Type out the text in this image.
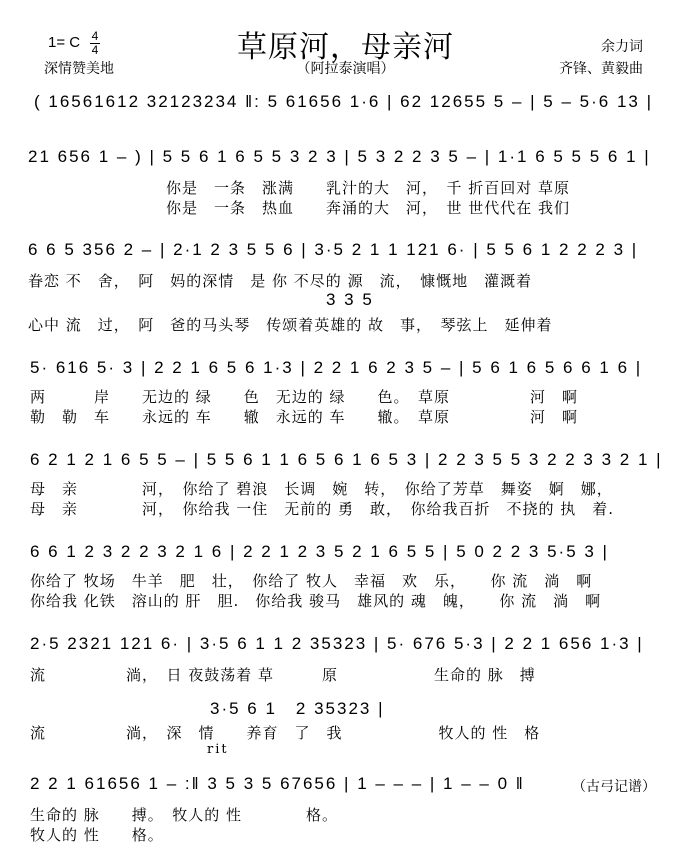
1= C 4
4	草原河，母亲河	余力词
深情赞美地	（阿拉泰演唱）	齐锋、黄毅曲
( 16561612 32123234 ‖: 5 61656 1·6 | 62 12655 5 – | 5 – 5·6 13 |
21 656 1 – ) | 5 5 6 1 6 5 5 3 2 3 | 5 3 2 2 3 5 – | 1·1 6 5 5 5 6 1 |
你是　一条　涨满　　乳汁的大　河，　千 折百回对 草原
你是　一条　热血　　奔涌的大　河，　世 世代代在 我们
6 6 5 356 2 – | 2·1 2 3 5 5 6 | 3·5 2 1 1 121 6· | 5 5 6 1 2 2 2 3 |
眷恋 不　舍，　阿　妈的深情　是 你 不尽的 源　流，　慷慨地　灌溉着
3 3 5
心中 流　过，　阿　爸的马头琴　传颂着英雄的 故　事，　琴弦上　延伸着
5· 616 5· 3 | 2 2 1 6 5 6 1·3 | 2 2 1 6 2 3 5 – | 5 6 1 6 5 6 6 1 6 |
两　　　岸　　无边的 绿　　色　无边的 绿　　色。　草原　　　　　河　啊
勒　勒　车　　永远的 车　　辙　永远的 车　　辙。　草原　　　　　河　啊
6 2 1 2 1 6 5 5 – | 5 5 6 1 1 6 5 6 1 6 5 3 | 2 2 3 5 5 3 2 2 3 3 2 1 |
母　亲　　　　河，　你给了 碧浪　长调　婉　转，　你给了芳草　舞姿　婀　娜，
母　亲　　　　河，　你给我 一住　无前的 勇　敢，　你给我百折　不挠的 执　着.
6 6 1 2 3 2 2 3 2 1 6 | 2 2 1 2 3 5 2 1 6 5 5 | 5 0 2 2 3 5·5 3 |
你给了 牧场　牛羊　肥　壮，　你给了 牧人　幸福　欢　乐，　　你 流　淌　啊
你给我 化铁　溶山的 肝　胆.　你给我 骏马　雄风的 魂　魄，　　你 流　淌　啊
2·5 2321 121 6· | 3·5 6 1 1 2 35323 | 5· 676 5·3 | 2 2 1 656 1·3 |
流　　　　　淌，　日 夜鼓荡着 草　　　原　　　　　　生命的 脉　搏
3·5 6 1　2 35323 |
流　　　　　淌，　深　情　　养育　了　我　　　　　　牧人的 性　格
rit
2 2 1 61656 1 – :‖ 3 5 3 5 67656 | 1 – – – | 1 – – 0 ‖	（古弓记谱）
生命的 脉　　搏。　牧人的 性　　　　格。
牧人的 性　　格。
